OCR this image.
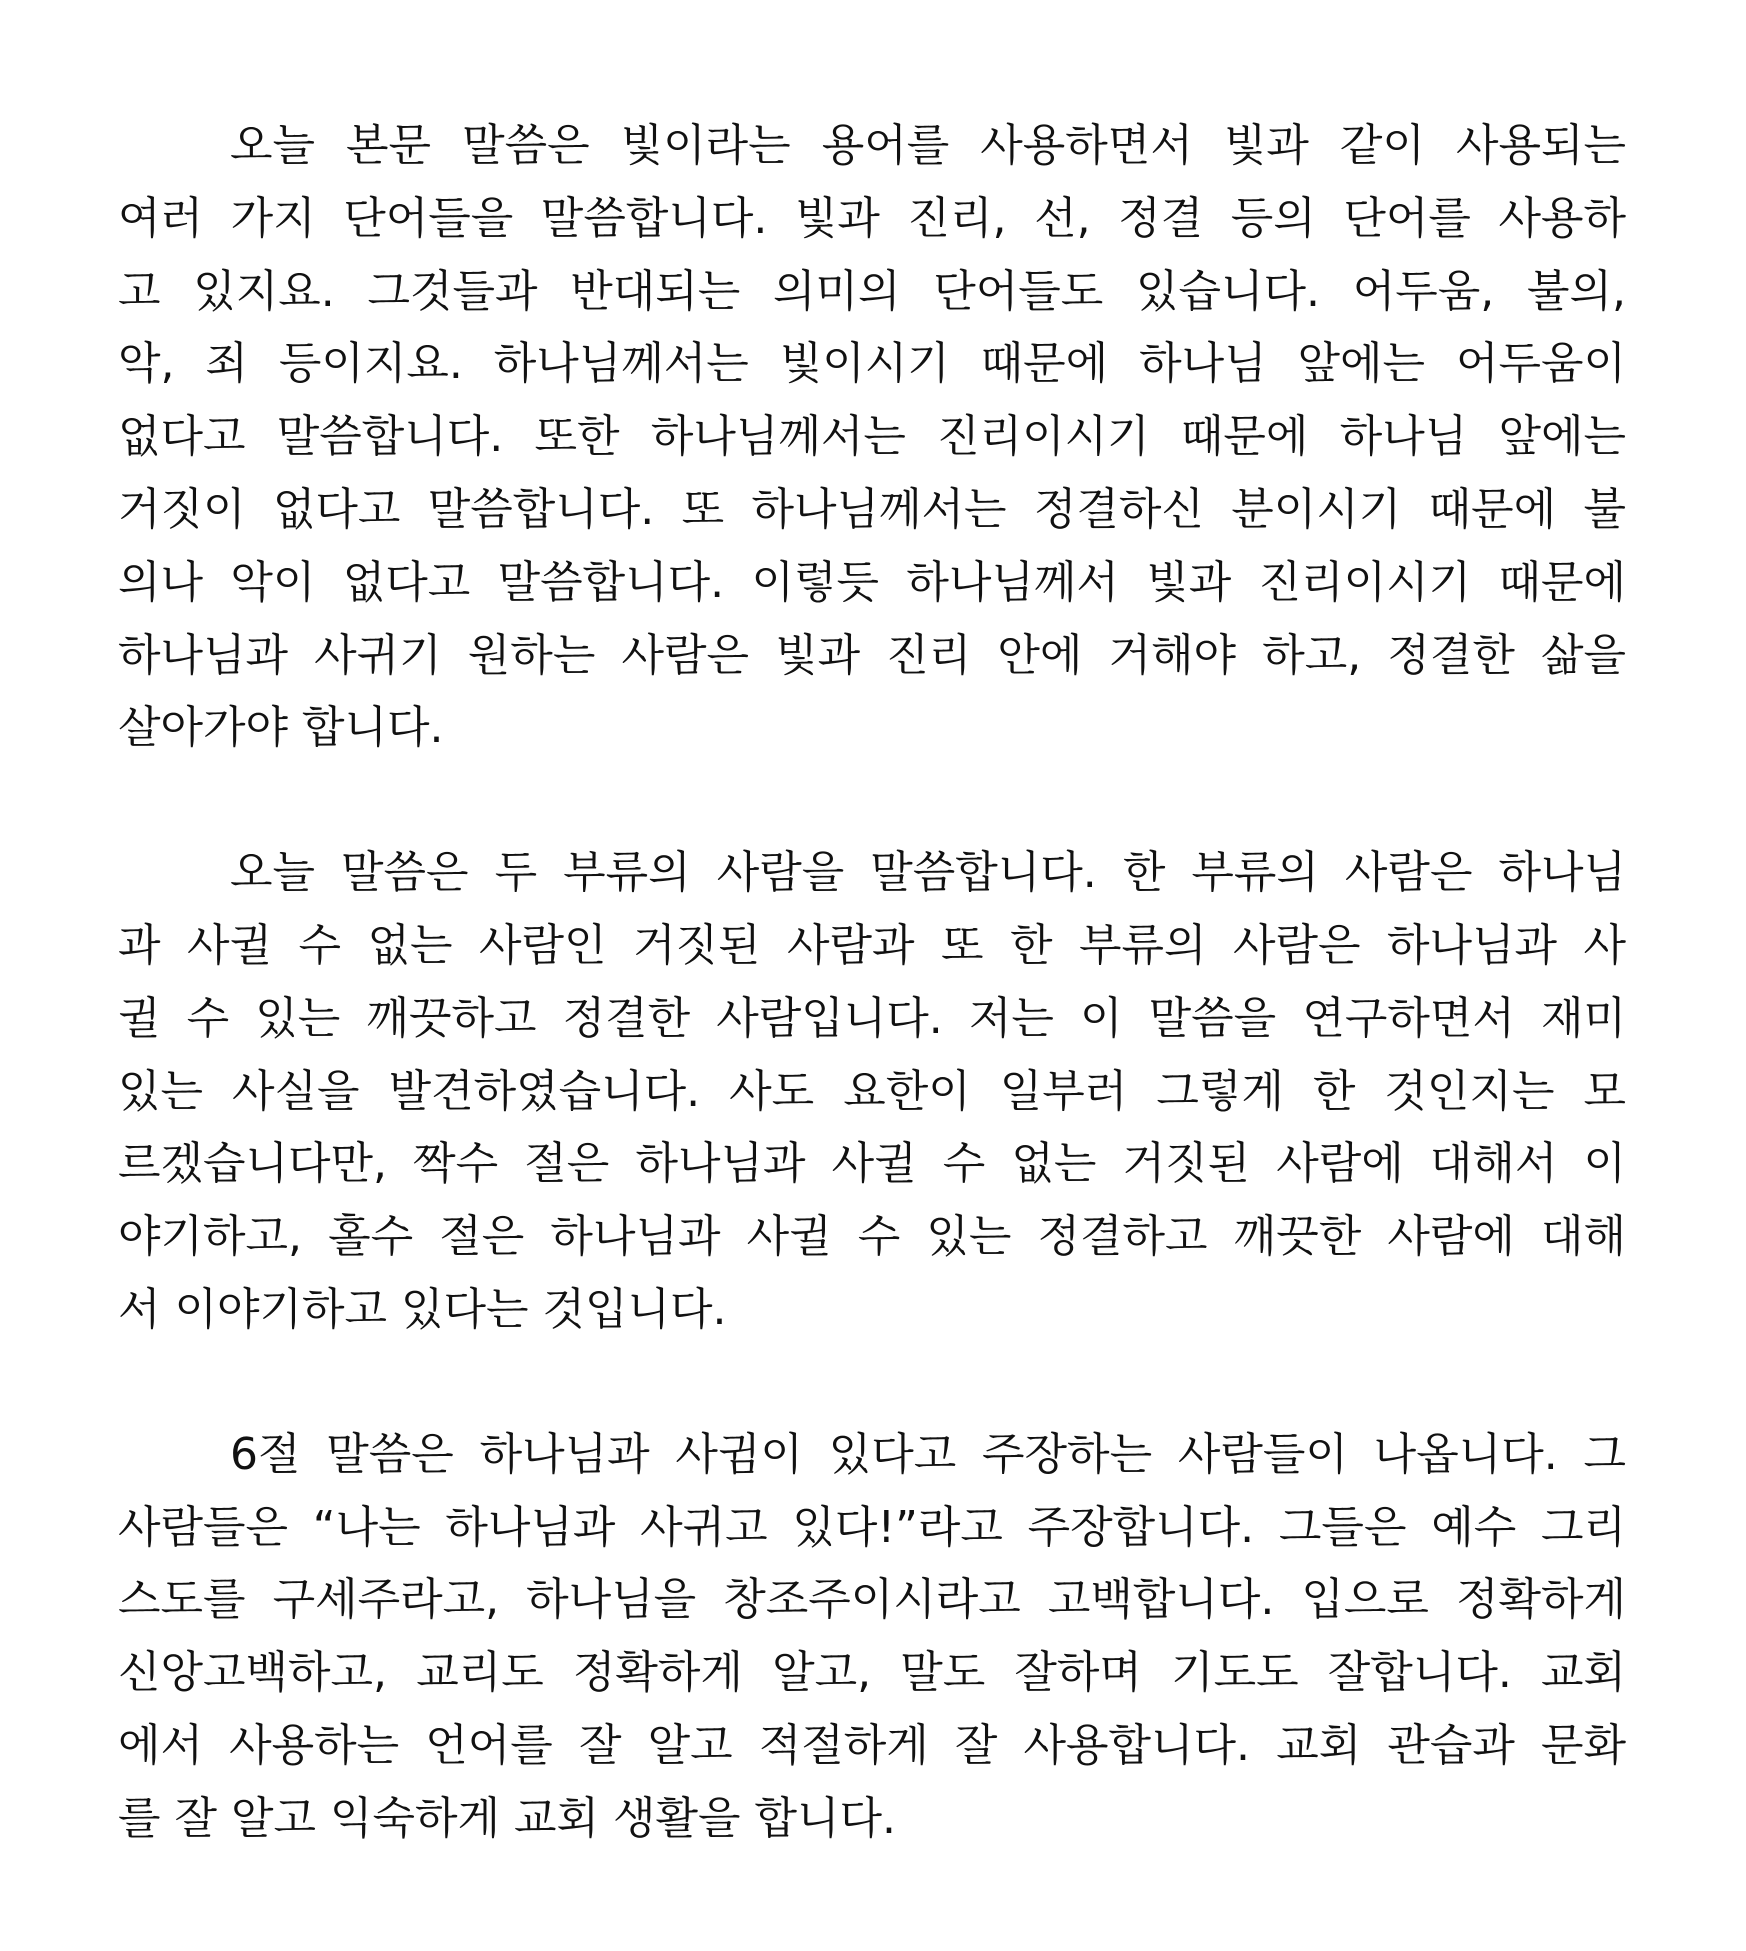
오늘 본문 말씀은 빛이라는 용어를 사용하면서 빛과 같이 사용되는
여러 가지 단어들을 말씀합니다. 빛과 진리, 선, 정결 등의 단어를 사용하
고 있지요. 그것들과 반대되는 의미의 단어들도 있습니다. 어두움, 불의,
악, 죄 등이지요. 하나님께서는 빛이시기 때문에 하나님 앞에는 어두움이
없다고 말씀합니다. 또한 하나님께서는 진리이시기 때문에 하나님 앞에는
거짓이 없다고 말씀합니다. 또 하나님께서는 정결하신 분이시기 때문에 불
의나 악이 없다고 말씀합니다. 이렇듯 하나님께서 빛과 진리이시기 때문에
하나님과 사귀기 원하는 사람은 빛과 진리 안에 거해야 하고, 정결한 삶을
살아가야 합니다.
오늘 말씀은 두 부류의 사람을 말씀합니다. 한 부류의 사람은 하나님
과 사귈 수 없는 사람인 거짓된 사람과 또 한 부류의 사람은 하나님과 사
귈 수 있는 깨끗하고 정결한 사람입니다. 저는 이 말씀을 연구하면서 재미
있는 사실을 발견하였습니다. 사도 요한이 일부러 그렇게 한 것인지는 모
르겠습니다만, 짝수 절은 하나님과 사귈 수 없는 거짓된 사람에 대해서 이
야기하고, 홀수 절은 하나님과 사귈 수 있는 정결하고 깨끗한 사람에 대해
서 이야기하고 있다는 것입니다.
6절 말씀은 하나님과 사귐이 있다고 주장하는 사람들이 나옵니다. 그
사람들은 “나는 하나님과 사귀고 있다!”라고 주장합니다. 그들은 예수 그리
스도를 구세주라고, 하나님을 창조주이시라고 고백합니다. 입으로 정확하게
신앙고백하고, 교리도 정확하게 알고, 말도 잘하며 기도도 잘합니다. 교회
에서 사용하는 언어를 잘 알고 적절하게 잘 사용합니다. 교회 관습과 문화
를 잘 알고 익숙하게 교회 생활을 합니다.
